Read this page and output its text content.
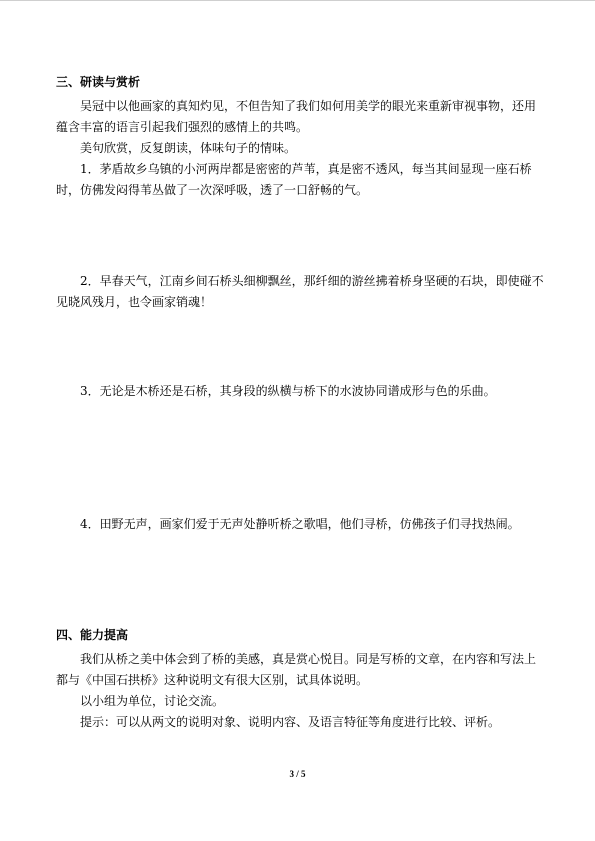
三、研读与赏析
吴冠中以他画家的真知灼见，不但告知了我们如何用美学的眼光来重新审视事物，还用
蕴含丰富的语言引起我们强烈的感情上的共鸣。
美句欣赏，反复朗读，体味句子的情味。
1．茅盾故乡乌镇的小河两岸都是密密的芦苇，真是密不透风，每当其间显现一座石桥
时，仿佛发闷得苇丛做了一次深呼吸，透了一口舒畅的气。
2．早春天气，江南乡间石桥头细柳飘丝，那纤细的游丝拂着桥身坚硬的石块，即使碰不
见晓风残月，也令画家销魂！
3．无论是木桥还是石桥，其身段的纵横与桥下的水波协同谱成形与色的乐曲。
4．田野无声，画家们爱于无声处静听桥之歌唱，他们寻桥，仿佛孩子们寻找热闹。
四、能力提高
我们从桥之美中体会到了桥的美感，真是赏心悦目。同是写桥的文章，在内容和写法上
都与《中国石拱桥》这种说明文有很大区别，试具体说明。
以小组为单位，讨论交流。
提示：可以从两文的说明对象、说明内容、及语言特征等角度进行比较、评析。
3 / 5
